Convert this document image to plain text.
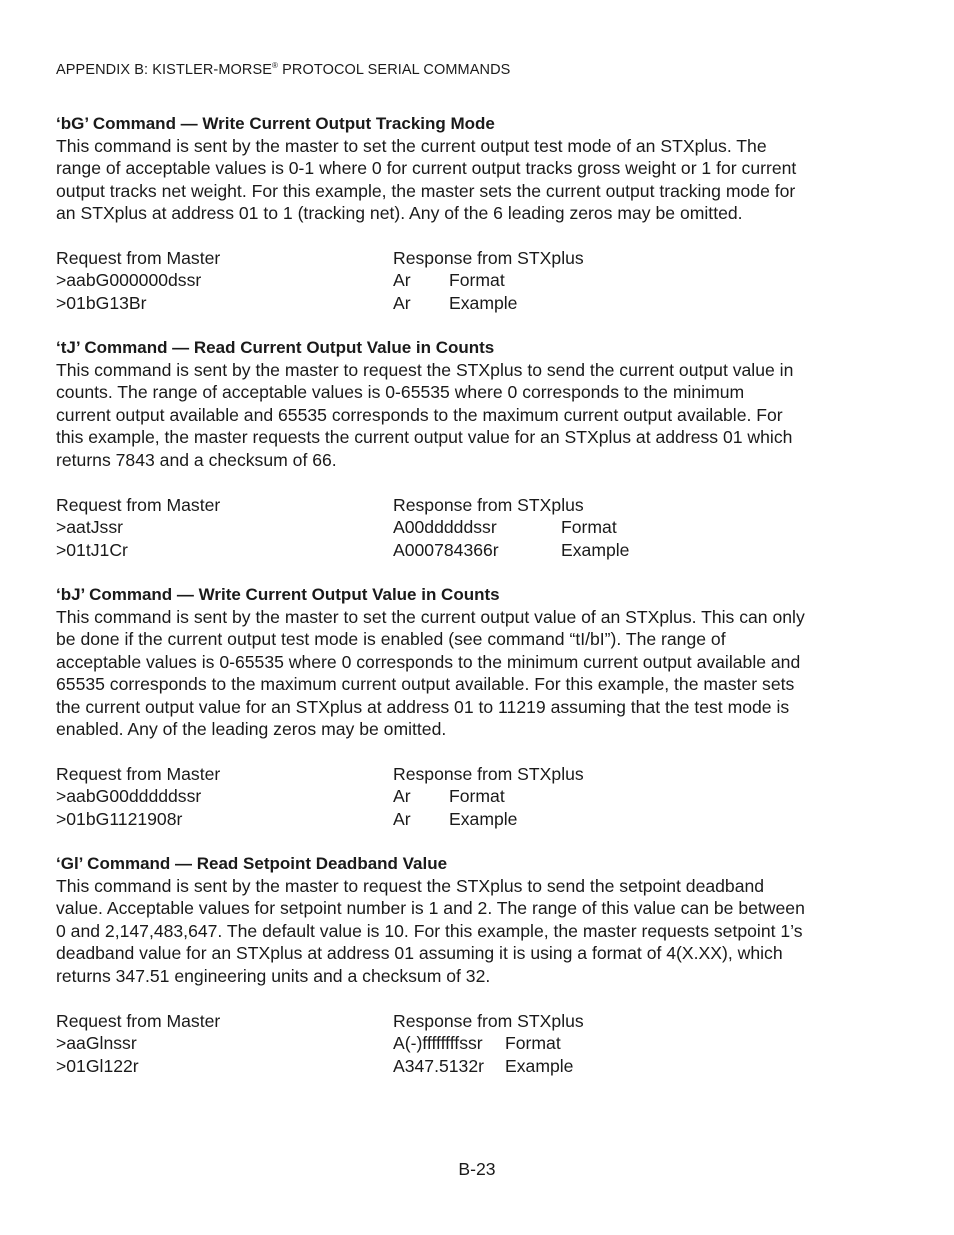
APPENDIX B: KISTLER-MORSE® PROTOCOL SERIAL COMMANDS
‘bG’ Command — Write Current Output Tracking Mode

This command is sent by the master to set the current output test mode of an STXplus. The
range of acceptable values is 0-1 where 0 for current output tracks gross weight or 1 for current
output tracks net weight. For this example, the master sets the current output tracking mode for
an STXplus at address 01 to 1 (tracking net). Any of the 6 leading zeros may be omitted.

Request from Master	Response from STXplus
>aabG000000dssr	Ar Format
>01bG13Br	Ar Example
‘tJ’ Command — Read Current Output Value in Counts

This command is sent by the master to request the STXplus to send the current output value in
counts. The range of acceptable values is 0-65535 where 0 corresponds to the minimum
current output available and 65535 corresponds to the maximum current output available. For
this example, the master requests the current output value for an STXplus at address 01 which
returns 7843 and a checksum of 66.

Request from Master	Response from STXplus
>aatJssr	A00dddddssr	Format
>01tJ1Cr	A000784366r	Example
‘bJ’ Command — Write Current Output Value in Counts

This command is sent by the master to set the current output value of an STXplus. This can only
be done if the current output test mode is enabled (see command “tI/bI”). The range of
acceptable values is 0-65535 where 0 corresponds to the minimum current output available and
65535 corresponds to the maximum current output available. For this example, the master sets
the current output value for an STXplus at address 01 to 11219 assuming that the test mode is
enabled. Any of the leading zeros may be omitted.

Request from Master	Response from STXplus
>aabG00dddddssr	Ar Format
>01bG1121908r	Ar Example
‘Gl’ Command — Read Setpoint Deadband Value

This command is sent by the master to request the STXplus to send the setpoint deadband
value. Acceptable values for setpoint number is 1 and 2. The range of this value can be between
0 and 2,147,483,647. The default value is 10. For this example, the master requests setpoint 1’s
deadband value for an STXplus at address 01 assuming it is using a format of 4(X.XX), which
returns 347.51 engineering units and a checksum of 32.

Request from Master	Response from STXplus
>aaGlnssr	A(-)ffffffffssr Format
>01Gl122r	A347.5132r Example
B-23
